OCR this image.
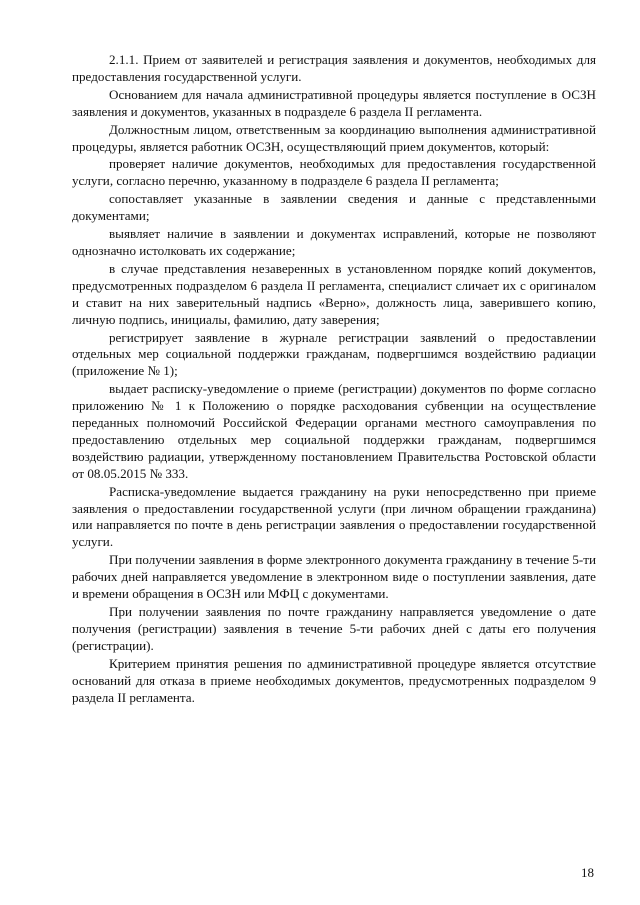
2.1.1. Прием от заявителей и регистрация заявления и документов, необходимых для предоставления государственной услуги.

Основанием для начала административной процедуры является поступление в ОСЗН заявления и документов, указанных в подразделе 6 раздела II регламента.

Должностным лицом, ответственным за координацию выполнения административной процедуры, является работник ОСЗН, осуществляющий прием документов, который:

проверяет наличие документов, необходимых для предоставления государственной услуги, согласно перечню, указанному в подразделе 6 раздела II регламента;

сопоставляет указанные в заявлении сведения и данные с представленными документами;

выявляет наличие в заявлении и документах исправлений, которые не позволяют однозначно истолковать их содержание;

в случае представления незаверенных в установленном порядке копий документов, предусмотренных подразделом 6 раздела II регламента, специалист сличает их с оригиналом и ставит на них заверительный надпись «Верно», должность лица, заверившего копию, личную подпись, инициалы, фамилию, дату заверения;

регистрирует заявление в журнале регистрации заявлений о предоставлении отдельных мер социальной поддержки гражданам, подвергшимся воздействию радиации (приложение № 1);

выдает расписку-уведомление о приеме (регистрации) документов по форме согласно приложению № 1 к Положению о порядке расходования субвенции на осуществление переданных полномочий Российской Федерации органами местного самоуправления по предоставлению отдельных мер социальной поддержки гражданам, подвергшимся воздействию радиации, утвержденному постановлением Правительства Ростовской области от 08.05.2015 № 333.

Расписка-уведомление выдается гражданину на руки непосредственно при приеме заявления о предоставлении государственной услуги (при личном обращении гражданина) или направляется по почте в день регистрации заявления о предоставлении государственной услуги.

При получении заявления в форме электронного документа гражданину в течение 5-ти рабочих дней направляется уведомление в электронном виде о поступлении заявления, дате и времени обращения в ОСЗН или МФЦ с документами.

При получении заявления по почте гражданину направляется уведомление о дате получения (регистрации) заявления в течение 5-ти рабочих дней с даты его получения (регистрации).

Критерием принятия решения по административной процедуре является отсутствие оснований для отказа в приеме необходимых документов, предусмотренных подразделом 9 раздела II регламента.

18
